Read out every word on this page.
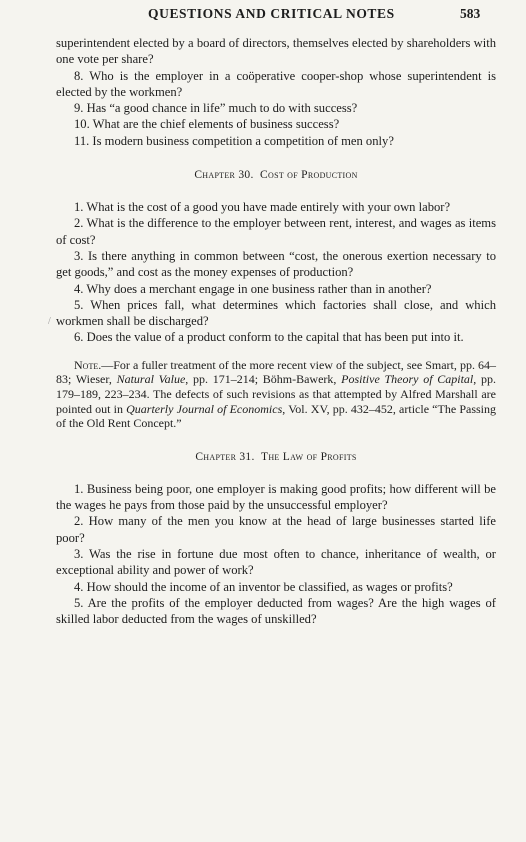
QUESTIONS AND CRITICAL NOTES	583

superintendent elected by a board of directors, themselves elected by shareholders with one vote per share?

8. Who is the employer in a coöperative cooper-shop whose superintendent is elected by the workmen?

9. Has “a good chance in life” much to do with success?

10. What are the chief elements of business success?

11. Is modern business competition a competition of men only?

Chapter 30. Cost of Production

1. What is the cost of a good you have made entirely with your own labor?

2. What is the difference to the employer between rent, interest, and wages as items of cost?

3. Is there anything in common between “cost, the onerous exertion necessary to get goods,” and cost as the money expenses of production?

4. Why does a merchant engage in one business rather than in another?

5. When prices fall, what determines which factories shall close, and which workmen shall be discharged?

6. Does the value of a product conform to the capital that has been put into it.

Note.—For a fuller treatment of the more recent view of the subject, see Smart, pp. 64–83; Wieser, Natural Value, pp. 171–214; Böhm-Bawerk, Positive Theory of Capital, pp. 179–189, 223–234. The defects of such revisions as that attempted by Alfred Marshall are pointed out in Quarterly Journal of Economics, Vol. XV, pp. 432–452, article “The Passing of the Old Rent Concept.”

Chapter 31. The Law of Profits

1. Business being poor, one employer is making good profits; how different will be the wages he pays from those paid by the unsuccessful employer?

2. How many of the men you know at the head of large businesses started life poor?

3. Was the rise in fortune due most often to chance, inheritance of wealth, or exceptional ability and power of work?

4. How should the income of an inventor be classified, as wages or profits?

5. Are the profits of the employer deducted from wages? Are the high wages of skilled labor deducted from the wages of unskilled?

/
